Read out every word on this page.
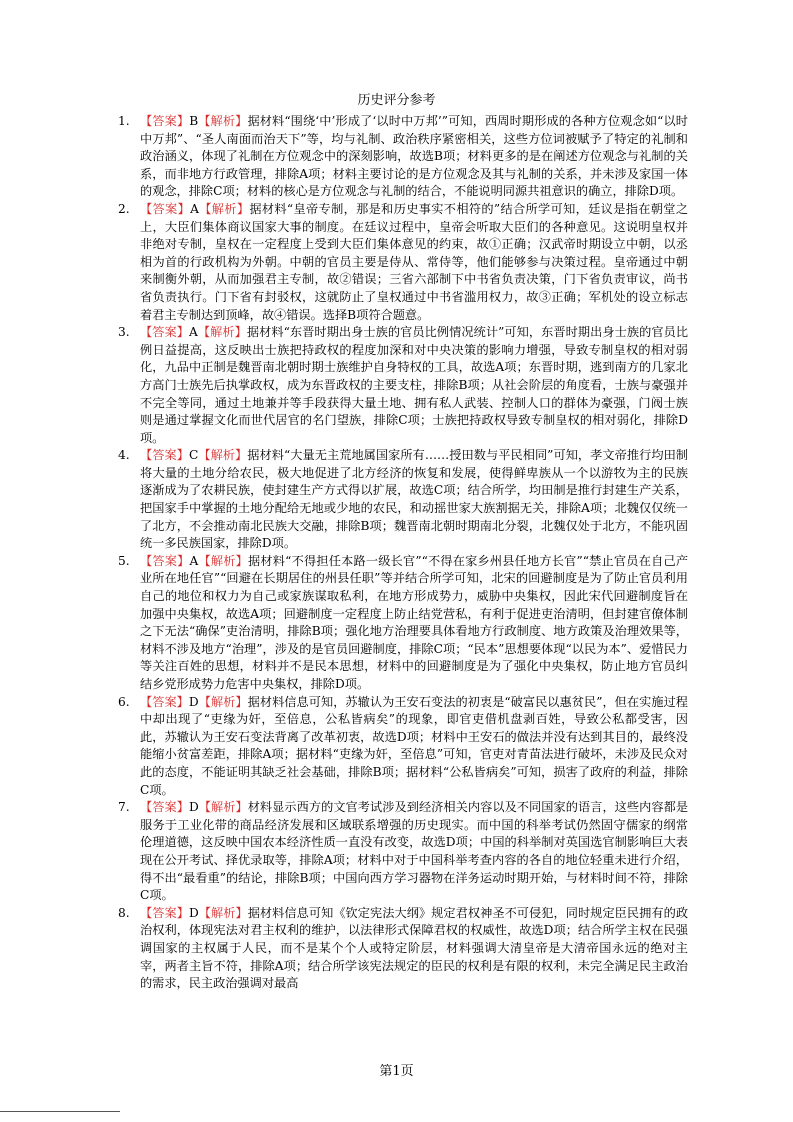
历史评分参考

1. 【答案】B【解析】据材料“围绕‘中’形成了‘以时中万邦’”可知，西周时期形成的各种方位观念如“以时中万邦”、“圣人南面而治天下”等，均与礼制、政治秩序紧密相关，这些方位词被赋予了特定的礼制和政治涵义，体现了礼制在方位观念中的深刻影响，故选B项；材料更多的是在阐述方位观念与礼制的关系，而非地方行政管理，排除A项；材料主要讨论的是方位观念及其与礼制的关系，并未涉及家国一体的观念，排除C项；材料的核心是方位观念与礼制的结合，不能说明同源共祖意识的确立，排除D项。

2. 【答案】A【解析】据材料“皇帝专制，那是和历史事实不相符的”结合所学可知，廷议是指在朝堂之上，大臣们集体商议国家大事的制度。在廷议过程中，皇帝会听取大臣们的各种意见。这说明皇权并非绝对专制，皇权在一定程度上受到大臣们集体意见的约束，故①正确；汉武帝时期设立中朝，以丞相为首的行政机构为外朝。中朝的官员主要是侍从、常侍等，他们能够参与决策过程。皇帝通过中朝来制衡外朝，从而加强君主专制，故②错误；三省六部制下中书省负责决策，门下省负责审议，尚书省负责执行。门下省有封驳权，这就防止了皇权通过中书省滥用权力，故③正确；军机处的设立标志着君主专制达到顶峰，故④错误。选择B项符合题意。

3. 【答案】A【解析】据材料“东晋时期出身士族的官员比例情况统计”可知，东晋时期出身士族的官员比例日益提高，这反映出士族把持政权的程度加深和对中央决策的影响力增强，导致专制皇权的相对弱化，九品中正制是魏晋南北朝时期士族维护自身特权的工具，故选A项；东晋时期，逃到南方的几家北方高门士族先后执掌政权，成为东晋政权的主要支柱，排除B项；从社会阶层的角度看，士族与豪强并不完全等同，通过土地兼并等手段获得大量土地、拥有私人武装、控制人口的群体为豪强，门阀士族则是通过掌握文化而世代居官的名门望族，排除C项；士族把持政权导致专制皇权的相对弱化，排除D项。

4. 【答案】C【解析】据材料“大量无主荒地属国家所有……授田数与平民相同”可知，孝文帝推行均田制将大量的土地分给农民，极大地促进了北方经济的恢复和发展，使得鲜卑族从一个以游牧为主的民族逐渐成为了农耕民族，使封建生产方式得以扩展，故选C项；结合所学，均田制是推行封建生产关系，把国家手中掌握的土地分配给无地或少地的农民，和动摇世家大族割据无关，排除A项；北魏仅仅统一了北方，不会推动南北民族大交融，排除B项；魏晋南北朝时期南北分裂，北魏仅处于北方，不能巩固统一多民族国家，排除D项。

5. 【答案】A【解析】据材料“不得担任本路一级长官”“不得在家乡州县任地方长官”“禁止官员在自己产业所在地任官”“回避在长期居住的州县任职”等并结合所学可知，北宋的回避制度是为了防止官员利用自己的地位和权力为自己或家族谋取私利，在地方形成势力，威胁中央集权，因此宋代回避制度旨在加强中央集权，故选A项；回避制度一定程度上防止结党营私，有利于促进吏治清明，但封建官僚体制之下无法“确保”吏治清明，排除B项；强化地方治理要具体看地方行政制度、地方政策及治理效果等，材料不涉及地方“治理”，涉及的是官员回避制度，排除C项；“民本”思想要体现“以民为本”、爱惜民力等关注百姓的思想，材料并不是民本思想，材料中的回避制度是为了强化中央集权，防止地方官员纠结乡党形成势力危害中央集权，排除D项。

6. 【答案】D【解析】据材料信息可知，苏辙认为王安石变法的初衷是“破富民以惠贫民”，但在实施过程中却出现了“吏缘为奸，至倍息，公私皆病矣”的现象，即官吏借机盘剥百姓，导致公私都受害，因此，苏辙认为王安石变法背离了改革初衷，故选D项；材料中王安石的做法并没有达到其目的，最终没能缩小贫富差距，排除A项；据材料“吏缘为奸，至倍息”可知，官吏对青苗法进行破坏，未涉及民众对此的态度，不能证明其缺乏社会基础，排除B项；据材料“公私皆病矣”可知，损害了政府的利益，排除C项。

7. 【答案】D【解析】材料显示西方的文官考试涉及到经济相关内容以及不同国家的语言，这些内容都是服务于工业化带的商品经济发展和区域联系增强的历史现实。而中国的科举考试仍然固守儒家的纲常伦理道德，这反映中国农本经济性质一直没有改变，故选D项；中国的科举制对英国选官制影响巨大表现在公开考试、择优录取等，排除A项；材料中对于中国科举考查内容的各自的地位轻重未进行介绍，得不出“最看重”的结论，排除B项；中国向西方学习器物在洋务运动时期开始，与材料时间不符，排除C项。

8. 【答案】D【解析】据材料信息可知《钦定宪法大纲》规定君权神圣不可侵犯，同时规定臣民拥有的政治权利，体现宪法对君主权利的维护，以法律形式保障君权的权威性，故选D项；结合所学主权在民强调国家的主权属于人民，而不是某个个人或特定阶层，材料强调大清皇帝是大清帝国永远的绝对主宰，两者主旨不符，排除A项；结合所学该宪法规定的臣民的权利是有限的权利，未完全满足民主政治的需求，民主政治强调对最高

第1页
